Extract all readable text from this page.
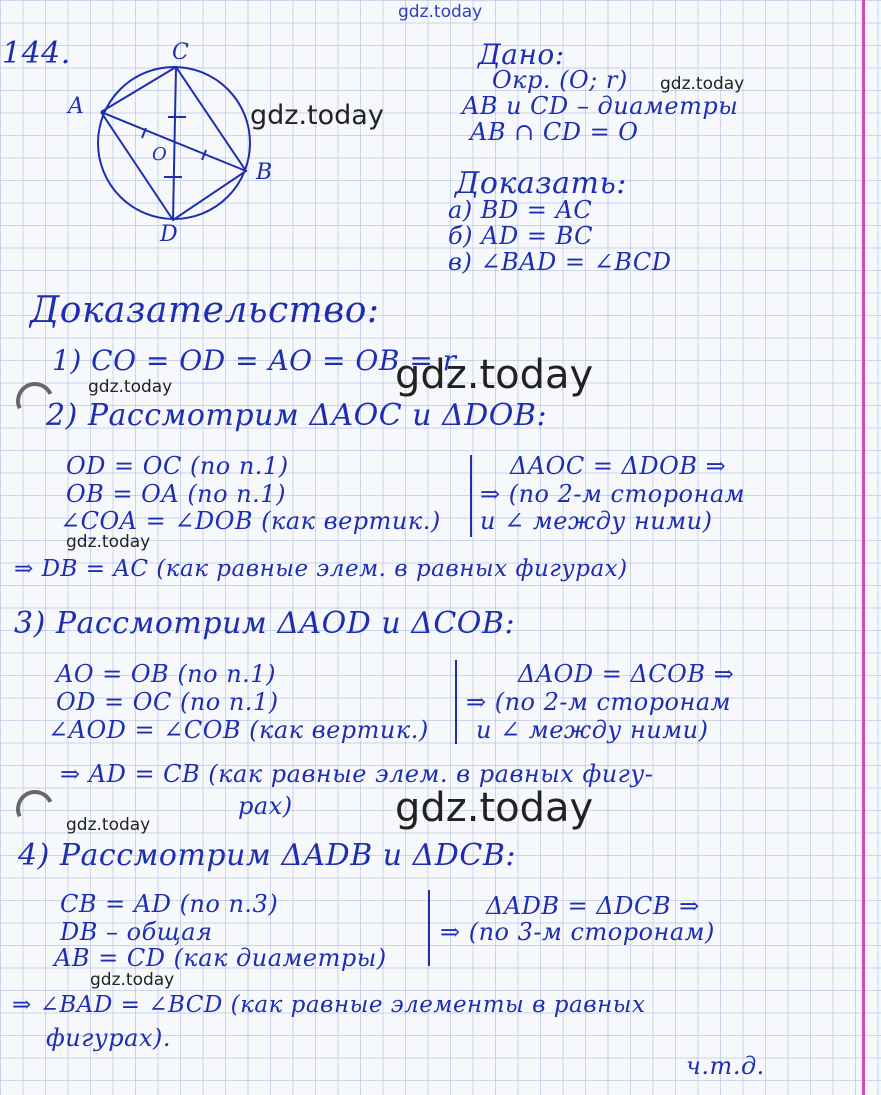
gdz.today
gdz.today
gdz.today
gdz.today
gdz.today
gdz.today
gdz.today
gdz.today
gdz.today
144.	C
A
O
B
D
Дано:
Окр. (O; r)
AB и CD – диаметры
AB ∩ CD = O
Доказать:
а) BD = AC
б) AD = BC
в) ∠BAD = ∠BCD
Доказательство:
1) CO = OD = AO = OB = r
2) Рассмотрим ΔAOC и ΔDOB:
OD = OC (по п.1)
OB = OA (по п.1)
∠COA = ∠DOB (как вертик.)
ΔAOC = ΔDOB ⇒
⇒ (по 2-м сторонам
и ∠ между ними)
⇒ DB = AC (как равные элем. в равных фигурах)
3) Рассмотрим ΔAOD и ΔCOB:
AO = OB (по п.1)
OD = OC (по п.1)
∠AOD = ∠COB (как вертик.)
ΔAOD = ΔCOB ⇒
⇒ (по 2-м сторонам
и ∠ между ними)
⇒ AD = CB (как равные элем. в равных фигу-
рах)
4) Рассмотрим ΔADB и ΔDCB:
CB = AD (по п.3)
DB – общая
AB = CD (как диаметры)
ΔADB = ΔDCB ⇒
⇒ (по 3-м сторонам)
⇒ ∠BAD = ∠BCD (как равные элементы в равных
фигурах).
ч.т.д.
